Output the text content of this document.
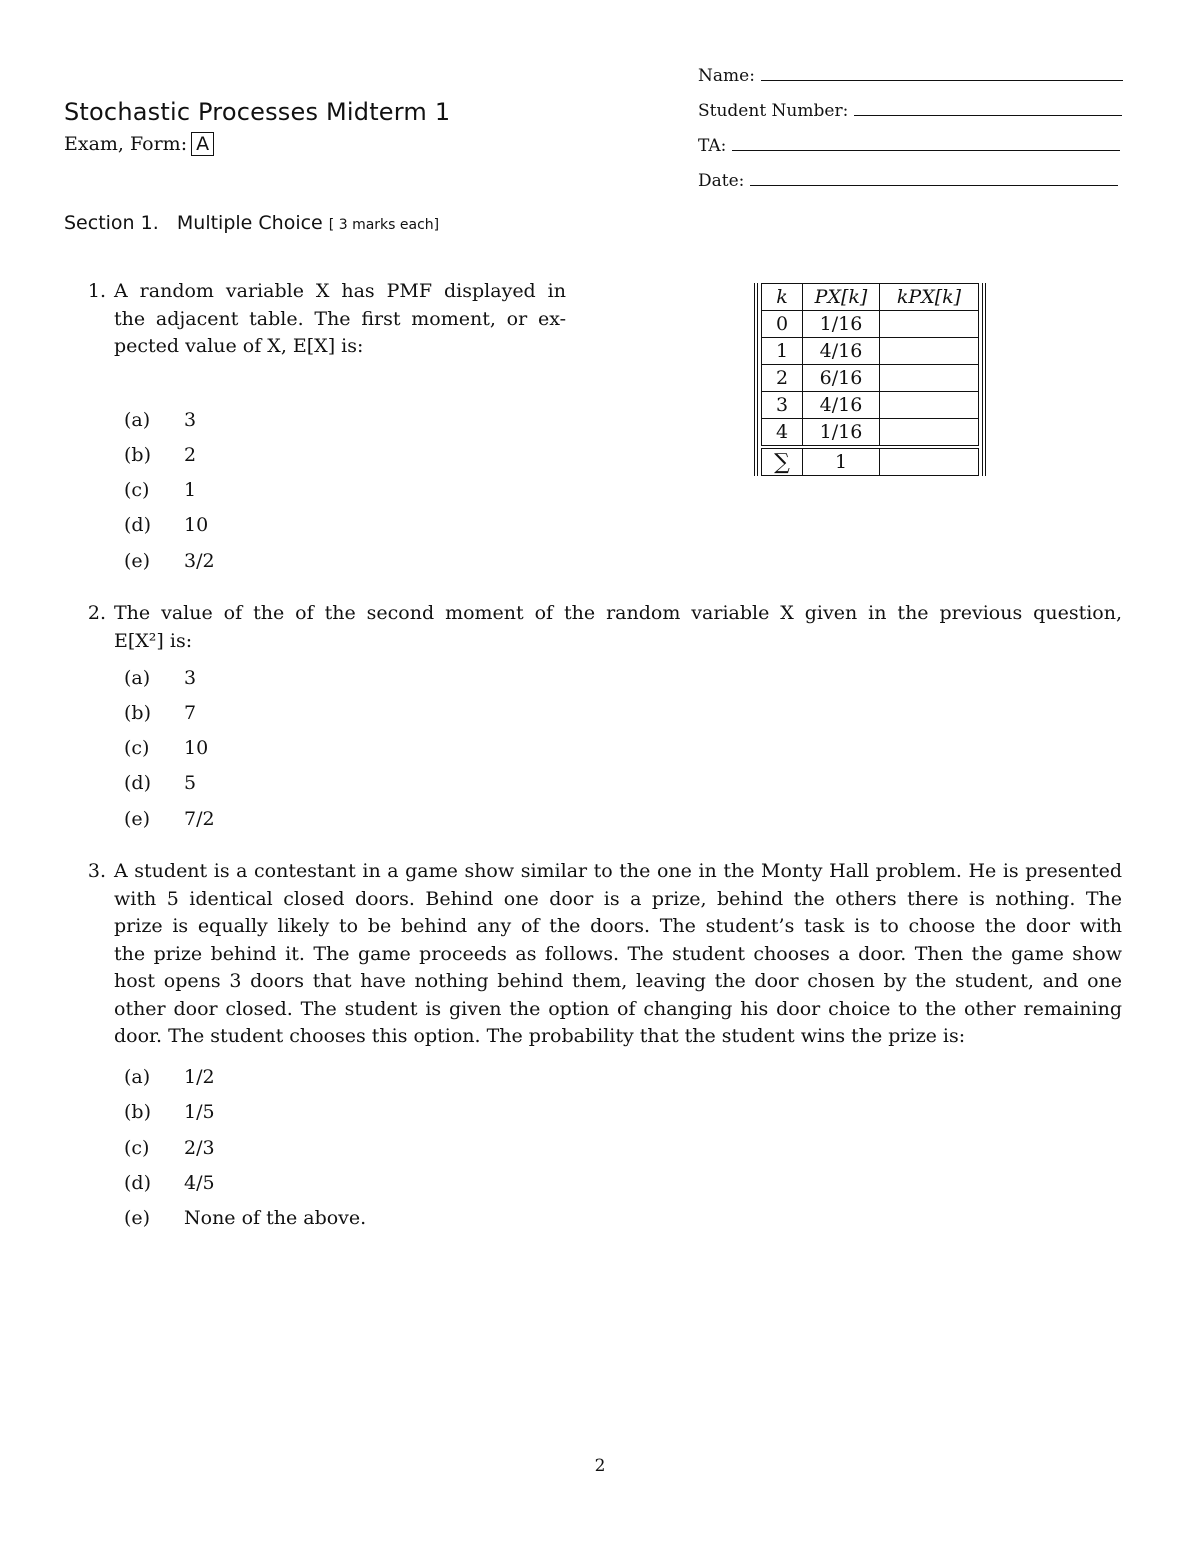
Stochastic Processes Midterm 1
Exam, Form: A
Name:
Student Number:
TA:
Date:
Section 1. Multiple Choice [ 3 marks each]
1. A random variable X has PMF displayed in
the adjacent table. The first moment, or ex-
pected value of X, E[X] is:
(a) 3
(b) 2
(c) 1
(d) 10
(e) 3/2
k	PX[k]	kPX[k]
0	1/16	
1	4/16	
2	6/16	
3	4/16	
4	1/16	
∑	1	
2. The value of the of the second moment of the random variable X given in the previous question,
E[X²] is:
(a) 3
(b) 7
(c) 10
(d) 5
(e) 7/2
3. A student is a contestant in a game show similar to the one in the Monty Hall problem. He is presented
with 5 identical closed doors. Behind one door is a prize, behind the others there is nothing. The
prize is equally likely to be behind any of the doors. The student’s task is to choose the door with
the prize behind it. The game proceeds as follows. The student chooses a door. Then the game show
host opens 3 doors that have nothing behind them, leaving the door chosen by the student, and one
other door closed. The student is given the option of changing his door choice to the other remaining
door. The student chooses this option. The probability that the student wins the prize is:
(a) 1/2
(b) 1/5
(c) 2/3
(d) 4/5
(e) None of the above.
2
